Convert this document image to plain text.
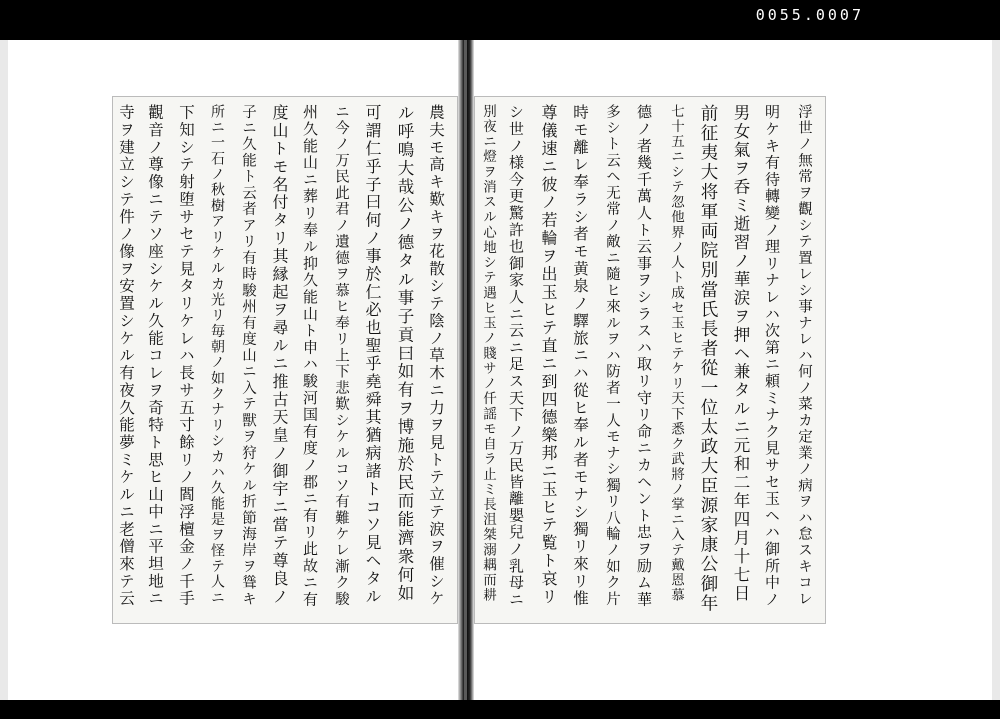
0055.0007
浮世ノ無常ヲ觀シテ置レシ事ナレハ何ノ菜カ定業ノ病ヲハ怠スキコレ
明ケキ有待轉變ノ理リナレハ次第ニ頼ミナク見サセ玉ヘハ御所中ノ
男女氣ヲ呑ミ逝習ノ華涙ヲ押ヘ兼タルニ元和二年四月十七日
前征夷大将軍両院別當氏長者從一位太政大臣源家康公御年
七十五ニシテ忽他界ノ人ト成セ玉ヒテケリ天下悉ク武將ノ掌ニ入テ戴恩慕
德ノ者幾千萬人ト云事ヲシラスハ取リ守リ命ニカヘント忠ヲ励ム華
多シト云ヘ无常ノ敵ニ隨ヒ來ルヲハ防者一人モナシ獨リ八輪ノ如ク片
時モ離レ奉ラシ者モ黄泉ノ驛旅ニハ從ヒ奉ル者モナシ獨リ來リ惟
尊儀速ニ彼ノ若輪ヲ出玉ヒテ直ニ到四德樂邦ニ玉ヒテ覧ト哀リ
シ世ノ様今更驚許也御家人ニ云ニ足ス天下ノ万民皆離嬰兒ノ乳母ニ
別夜ニ燈ヲ消スル心地シテ遇ヒ玉ノ賤サノ仟謡モ自ラ止ミ長沮桀溺耦而耕
農夫モ高キ歎キヲ花散シテ陰ノ草木ニ力ヲ見トテ立テ涙ヲ催シケ
ル呼鳴大哉公ノ德タル事子貢曰如有ヲ博施於民而能濟衆何如
可謂仁乎子曰何ノ事於仁必也聖乎堯舜其猶病諸トコソ見ヘタル
ニ今ノ万民此君ノ遺德ヲ慕ヒ奉リ上下悲歎シケルコソ有難ケレ漸ク駿
州久能山ニ葬リ奉ル抑久能山ト申ハ駿河国有度ノ郡ニ有リ此故ニ有
度山トモ名付タリ其縁起ヲ尋ルニ推古天皇ノ御宇ニ當テ尊良ノ
子ニ久能ト云者アリ有時駿州有度山ニ入テ獸ヲ狩ケル折節海岸ヲ聳キ
所ニ一石ノ秋樹アリケルカ光リ毎朝ノ如クナリシカハ久能是ヲ怪テ人ニ
下知シテ射堕サセテ見タリケレハ長サ五寸餘リノ閻浮檀金ノ千手
觀音ノ尊像ニテソ座シケル久能コレヲ奇特ト思ヒ山中ニ平坦地ニ
寺ヲ建立シテ件ノ像ヲ安置シケル有夜久能夢ミケルニ老僧來テ云
